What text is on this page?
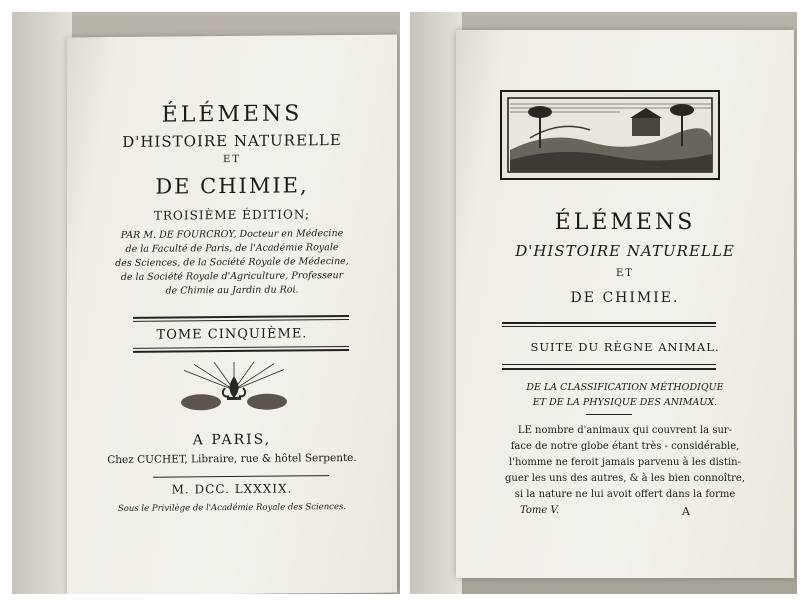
ÉLÉMENS
D'HISTOIRE NATURELLE
ET
DE CHIMIE,
TROISIÈME ÉDITION;
PAR M. DE FOURCROY, Docteur en Médecine
de la Faculté de Paris, de l'Académie Royale
des Sciences, de la Société Royale de Médecine,
de la Société Royale d'Agriculture, Professeur
de Chimie au Jardin du Roi.
TOME CINQUIÈME.
A PARIS,
Chez CUCHET, Libraire, rue & hôtel Serpente.
M. DCC. LXXXIX.
Sous le Privilège de l'Académie Royale des Sciences.
ÉLÉMENS
D'HISTOIRE NATURELLE
ET
DE CHIMIE.
SUITE DU RÈGNE ANIMAL.
DE LA CLASSIFICATION MÉTHODIQUE
ET DE LA PHYSIQUE DES ANIMAUX.
LE nombre d'animaux qui couvrent la sur-
face de notre globe étant très - considérable,
l'homme ne feroit jamais parvenu à les distin-
guer les uns des autres, & à les bien connoître,
si la nature ne lui avoit offert dans la forme
Tome V.	A
